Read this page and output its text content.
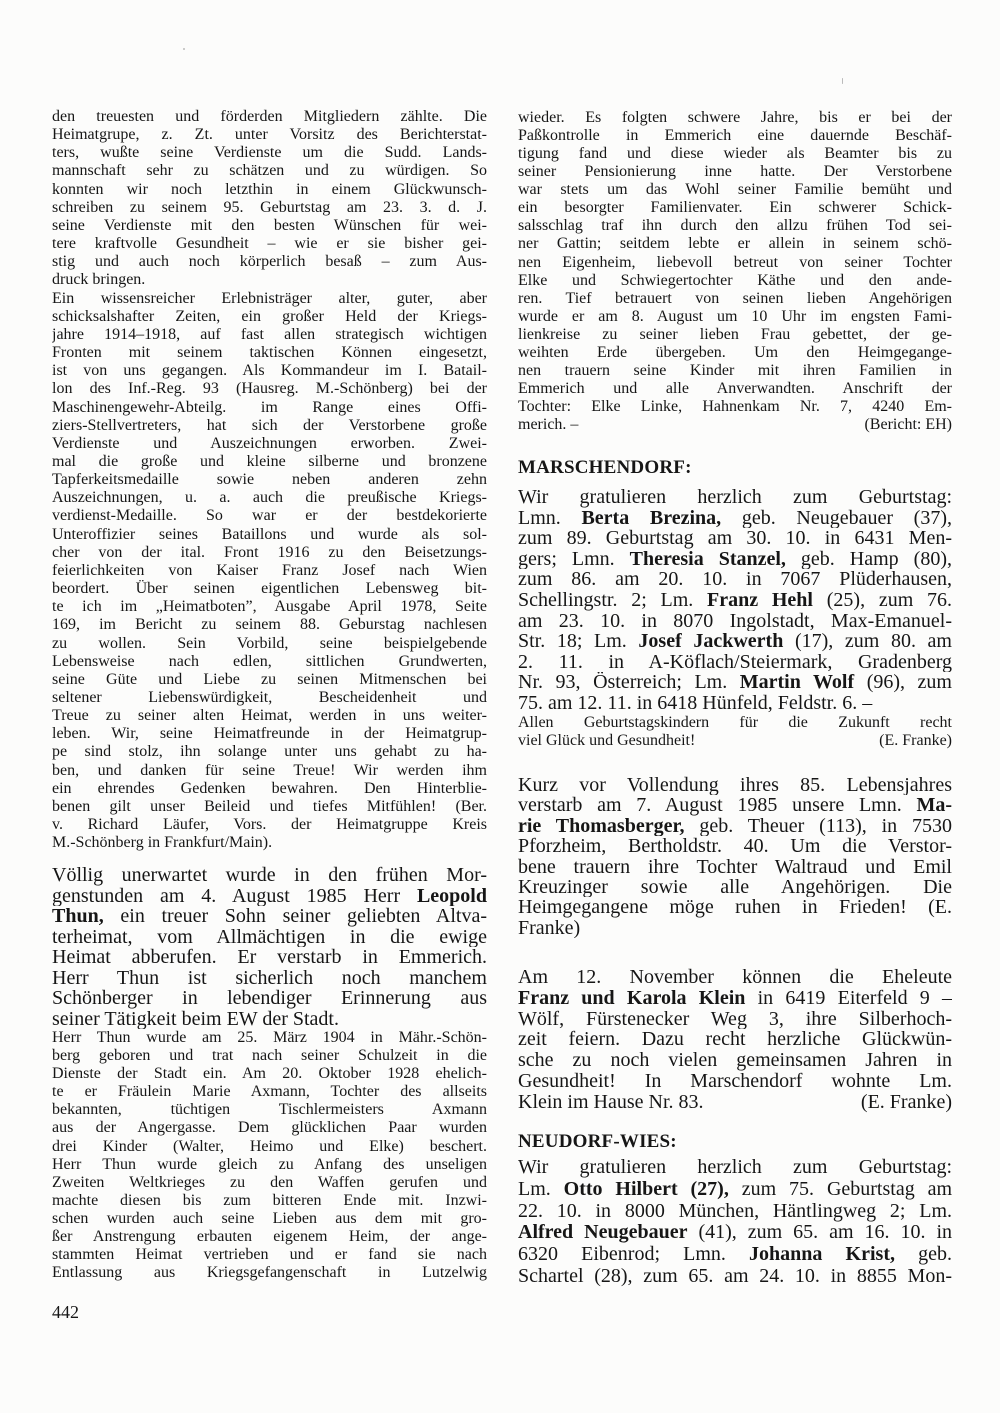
den treuesten und förderden Mitgliedern zählte. Die
Heimatgrupe, z. Zt. unter Vorsitz des Berichterstat-
ters, wußte seine Verdienste um die Sudd. Lands-
mannschaft sehr zu schätzen und zu würdigen. So
konnten wir noch letzthin in einem Glückwunsch-
schreiben zu seinem 95. Geburtstag am 23. 3. d. J.
seine Verdienste mit den besten Wünschen für wei-
tere kraftvolle Gesundheit – wie er sie bisher gei-
stig und auch noch körperlich besaß – zum Aus-
druck bringen.
Ein wissensreicher Erlebnisträger alter, guter, aber
schicksalshafter Zeiten, ein großer Held der Kriegs-
jahre 1914–1918, auf fast allen strategisch wichtigen
Fronten mit seinem taktischen Können eingesetzt,
ist von uns gegangen. Als Kommandeur im I. Batail-
lon des Inf.-Reg. 93 (Hausreg. M.-Schönberg) bei der
Maschinengewehr-Abteilg. im Range eines Offi-
ziers-Stellvertreters, hat sich der Verstorbene große
Verdienste und Auszeichnungen erworben. Zwei-
mal die große und kleine silberne und bronzene
Tapferkeitsmedaille sowie neben anderen zehn
Auszeichnungen, u. a. auch die preußische Kriegs-
verdienst-Medaille. So war er der bestdekorierte
Unteroffizier seines Bataillons und wurde als sol-
cher von der ital. Front 1916 zu den Beisetzungs-
feierlichkeiten von Kaiser Franz Josef nach Wien
beordert. Über seinen eigentlichen Lebensweg bit-
te ich im „Heimatboten”, Ausgabe April 1978, Seite
169, im Bericht zu seinem 88. Geburstag nachlesen
zu wollen. Sein Vorbild, seine beispielgebende
Lebensweise nach edlen, sittlichen Grundwerten,
seine Güte und Liebe zu seinen Mitmenschen bei
seltener Liebenswürdigkeit, Bescheidenheit und
Treue zu seiner alten Heimat, werden in uns weiter-
leben. Wir, seine Heimatfreunde in der Heimatgrup-
pe sind stolz, ihn solange unter uns gehabt zu ha-
ben, und danken für seine Treue! Wir werden ihm
ein ehrendes Gedenken bewahren. Den Hinterblie-
benen gilt unser Beileid und tiefes Mitfühlen! (Ber.
v. Richard Läufer, Vors. der Heimatgruppe Kreis
M.-Schönberg in Frankfurt/Main).
Völlig unerwartet wurde in den frühen Mor-
genstunden am 4. August 1985 Herr Leopold
Thun, ein treuer Sohn seiner geliebten Altva-
terheimat, vom Allmächtigen in die ewige
Heimat abberufen. Er verstarb in Emmerich.
Herr Thun ist sicherlich noch manchem
Schönberger in lebendiger Erinnerung aus
seiner Tätigkeit beim EW der Stadt.
Herr Thun wurde am 25. März 1904 in Mähr.-Schön-
berg geboren und trat nach seiner Schulzeit in die
Dienste der Stadt ein. Am 20. Oktober 1928 ehelich-
te er Fräulein Marie Axmann, Tochter des allseits
bekannten, tüchtigen Tischlermeisters Axmann
aus der Angergasse. Dem glücklichen Paar wurden
drei Kinder (Walter, Heimo und Elke) beschert.
Herr Thun wurde gleich zu Anfang des unseligen
Zweiten Weltkrieges zu den Waffen gerufen und
machte diesen bis zum bitteren Ende mit. Inzwi-
schen wurden auch seine Lieben aus dem mit gro-
ßer Anstrengung erbauten eigenem Heim, der ange-
stammten Heimat vertrieben und er fand sie nach
Entlassung aus Kriegsgefangenschaft in Lutzelwig
wieder. Es folgten schwere Jahre, bis er bei der
Paßkontrolle in Emmerich eine dauernde Beschäf-
tigung fand und diese wieder als Beamter bis zu
seiner Pensionierung inne hatte. Der Verstorbene
war stets um das Wohl seiner Familie bemüht und
ein besorgter Familienvater. Ein schwerer Schick-
salsschlag traf ihn durch den allzu frühen Tod sei-
ner Gattin; seitdem lebte er allein in seinem schö-
nen Eigenheim, liebevoll betreut von seiner Tochter
Elke und Schwiegertochter Käthe und den ande-
ren. Tief betrauert von seinen lieben Angehörigen
wurde er am 8. August um 10 Uhr im engsten Fami-
lienkreise zu seiner lieben Frau gebettet, der ge-
weihten Erde übergeben. Um den Heimgegange-
nen trauern seine Kinder mit ihren Familien in
Emmerich und alle Anverwandten. Anschrift der
Tochter: Elke Linke, Hahnenkam Nr. 7, 4240 Em-
merich. –	(Bericht: EH)
MARSCHENDORF:
Wir gratulieren herzlich zum Geburtstag:
Lmn. Berta Brezina, geb. Neugebauer (37),
zum 89. Geburtstag am 30. 10. in 6431 Men-
gers; Lmn. Theresia Stanzel, geb. Hamp (80),
zum 86. am 20. 10. in 7067 Plüderhausen,
Schellingstr. 2; Lm. Franz Hehl (25), zum 76.
am 23. 10. in 8070 Ingolstadt, Max-Emanuel-
Str. 18; Lm. Josef Jackwerth (17), zum 80. am
2. 11. in A-Köflach/Steiermark, Gradenberg
Nr. 93, Österreich; Lm. Martin Wolf (96), zum
75. am 12. 11. in 6418 Hünfeld, Feldstr. 6. –
Allen Geburtstagskindern für die Zukunft recht
viel Glück und Gesundheit!	(E. Franke)
Kurz vor Vollendung ihres 85. Lebensjahres
verstarb am 7. August 1985 unsere Lmn. Ma-
rie Thomasberger, geb. Theuer (113), in 7530
Pforzheim, Bertholdstr. 40. Um die Verstor-
bene trauern ihre Tochter Waltraud und Emil
Kreuzinger sowie alle Angehörigen. Die
Heimgegangene möge ruhen in Frieden! (E.
Franke)
Am 12. November können die Eheleute
Franz und Karola Klein in 6419 Eiterfeld 9 –
Wölf, Fürstenecker Weg 3, ihre Silberhoch-
zeit feiern. Dazu recht herzliche Glückwün-
sche zu noch vielen gemeinsamen Jahren in
Gesundheit! In Marschendorf wohnte Lm.
Klein im Hause Nr. 83.	(E. Franke)
NEUDORF-WIES:
Wir gratulieren herzlich zum Geburtstag:
Lm. Otto Hilbert (27), zum 75. Geburtstag am
22. 10. in 8000 München, Häntlingweg 2; Lm.
Alfred Neugebauer (41), zum 65. am 16. 10. in
6320 Eibenrod; Lmn. Johanna Krist, geb.
Schartel (28), zum 65. am 24. 10. in 8855 Mon-
442
